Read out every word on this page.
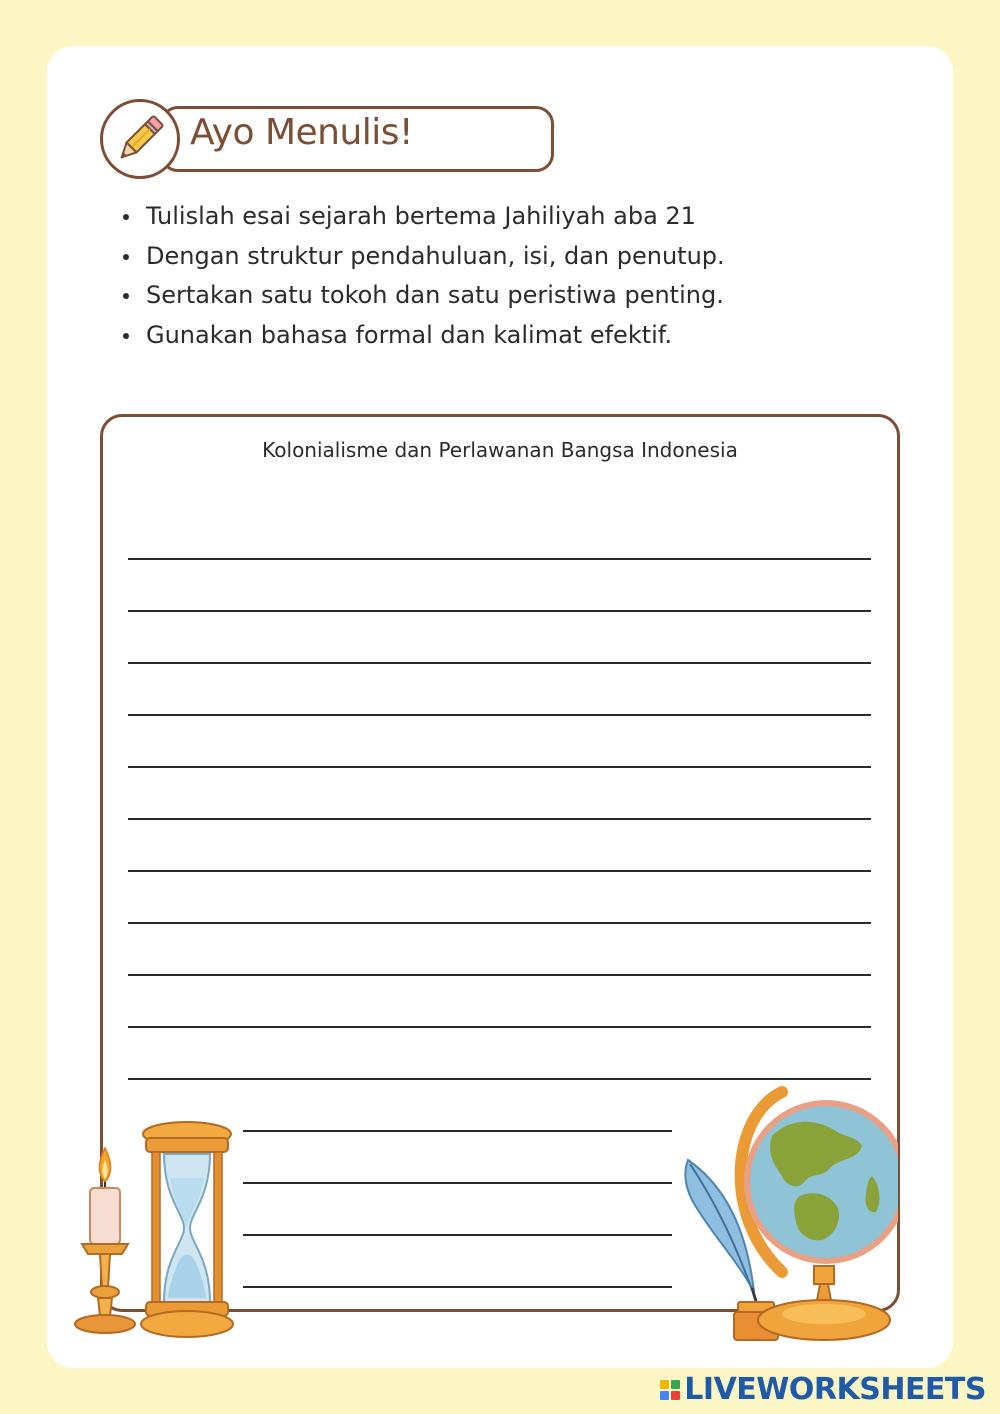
Ayo Menulis!
Tulislah esai sejarah bertema Jahiliyah aba 21
Dengan struktur pendahuluan, isi, dan penutup.
Sertakan satu tokoh dan satu peristiwa penting.
Gunakan bahasa formal dan kalimat efektif.
Kolonialisme dan Perlawanan Bangsa Indonesia
LIVEWORKSHEETS
